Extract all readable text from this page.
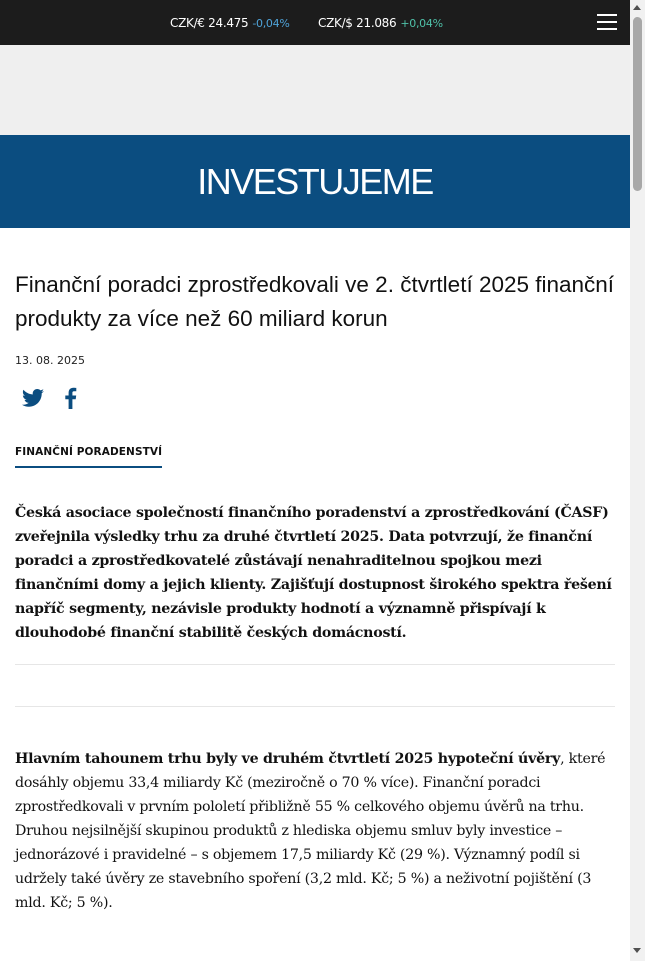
CZK/€ 24.475 -0,04% CZK/$ 21.086 +0,04%
INVESTUJEME
Finanční poradci zprostředkovali ve 2. čtvrtletí 2025 finanční produkty za více než 60 miliard korun
13. 08. 2025
FINANČNÍ PORADENSTVÍ

Česká asociace společností finančního poradenství a zprostředkování (ČASF) zveřejnila výsledky trhu za druhé čtvrtletí 2025. Data potvrzují, že finanční poradci a zprostředkovatelé zůstávají nenahraditelnou spojkou mezi finančními domy a jejich klienty. Zajišťují dostupnost širokého spektra řešení napříč segmenty, nezávisle produkty hodnotí a významně přispívají k dlouhodobé finanční stabilitě českých domácností.

Hlavním tahounem trhu byly ve druhém čtvrtletí 2025 hypoteční úvěry, které dosáhly objemu 33,4 miliardy Kč (meziročně o 70 % více). Finanční poradci zprostředkovali v prvním pololetí přibližně 55 % celkového objemu úvěrů na trhu. Druhou nejsilnější skupinou produktů z hlediska objemu smluv byly investice – jednorázové i pravidelné – s objemem 17,5 miliardy Kč (29 %). Významný podíl si udržely také úvěry ze stavebního spoření (3,2 mld. Kč; 5 %) a neživotní pojištění (3 mld. Kč; 5 %).
